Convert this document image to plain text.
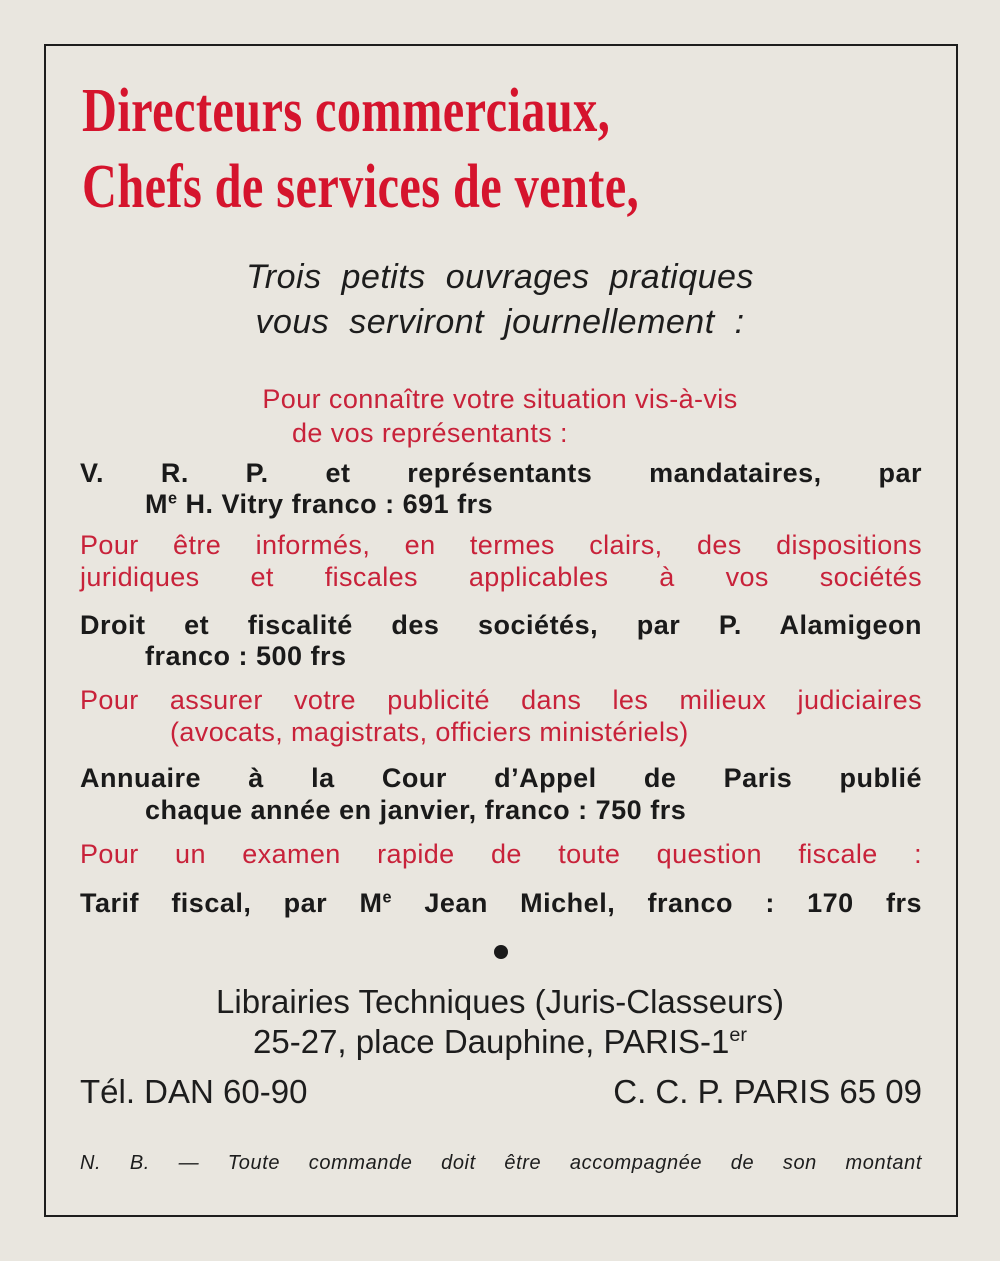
Directeurs commerciaux,
Chefs de services de vente,
Trois petits ouvrages pratiques
vous serviront journellement :
Pour connaître votre situation vis-à-vis
de vos représentants :
V. R. P. et représentants mandataires, par
Me H. Vitry franco : 691 frs
Pour être informés, en termes clairs, des dispositions
juridiques et fiscales applicables à vos sociétés
Droit et fiscalité des sociétés, par P. Alamigeon
franco : 500 frs
Pour assurer votre publicité dans les milieux judiciaires
(avocats, magistrats, officiers ministériels)
Annuaire à la Cour d’Appel de Paris publié
chaque année en janvier, franco : 750 frs
Pour un examen rapide de toute question fiscale :
Tarif fiscal, par Me Jean Michel, franco : 170 frs
Librairies Techniques (Juris-Classeurs)
25-27, place Dauphine, PARIS-1er
Tél. DAN 60-90	C. C. P. PARIS 65 09
N. B. — Toute commande doit être accompagnée de son montant
